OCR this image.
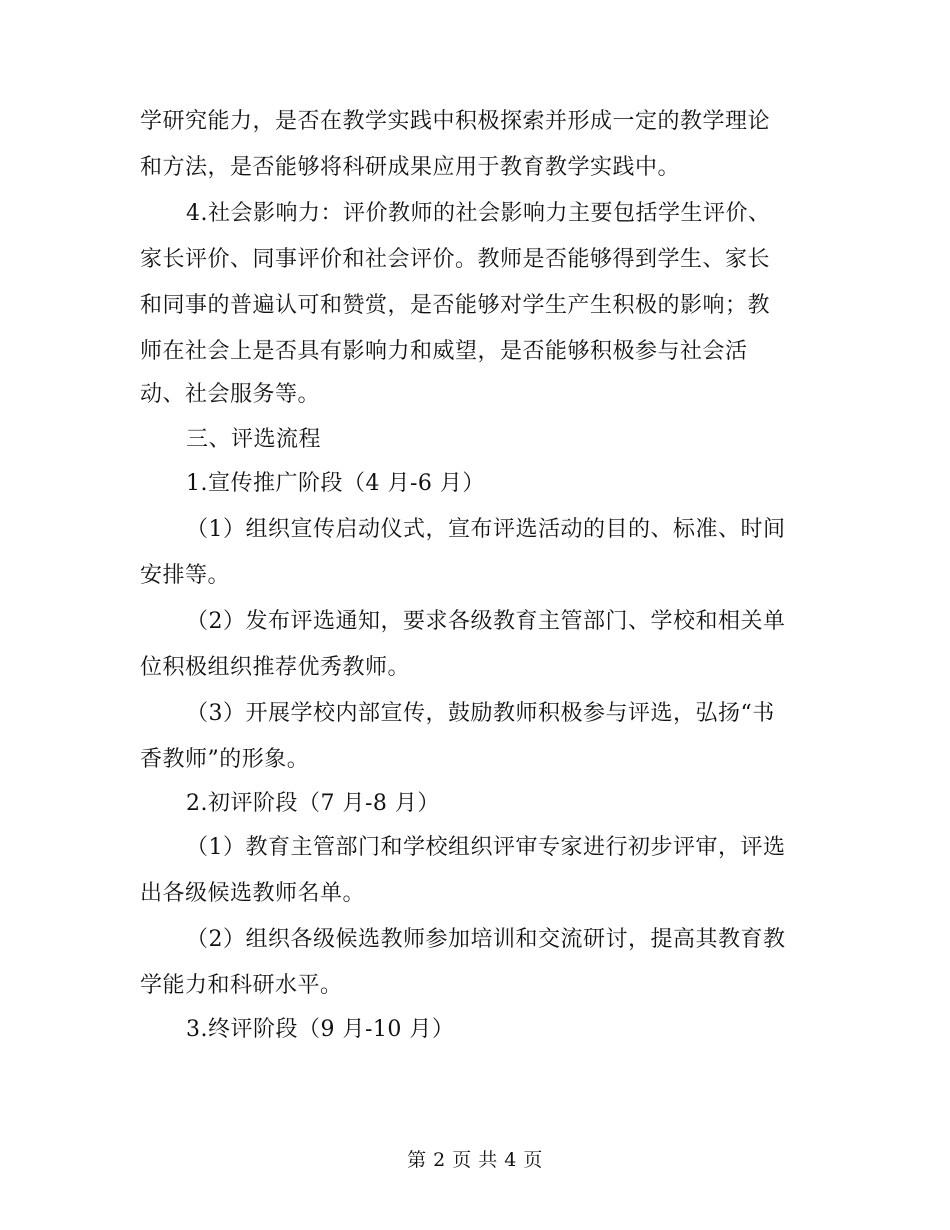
学研究能力，是否在教学实践中积极探索并形成一定的教学理论
和方法，是否能够将科研成果应用于教育教学实践中。
4.社会影响力：评价教师的社会影响力主要包括学生评价、
家长评价、同事评价和社会评价。教师是否能够得到学生、家长
和同事的普遍认可和赞赏，是否能够对学生产生积极的影响；教
师在社会上是否具有影响力和威望，是否能够积极参与社会活
动、社会服务等。
三、评选流程
1.宣传推广阶段（4 月-6 月）
（1）组织宣传启动仪式，宣布评选活动的目的、标准、时间
安排等。
（2）发布评选通知，要求各级教育主管部门、学校和相关单
位积极组织推荐优秀教师。
（3）开展学校内部宣传，鼓励教师积极参与评选，弘扬“书
香教师”的形象。
2.初评阶段（7 月-8 月）
（1）教育主管部门和学校组织评审专家进行初步评审，评选
出各级候选教师名单。
（2）组织各级候选教师参加培训和交流研讨，提高其教育教
学能力和科研水平。
3.终评阶段（9 月-10 月）
第 2 页 共 4 页
